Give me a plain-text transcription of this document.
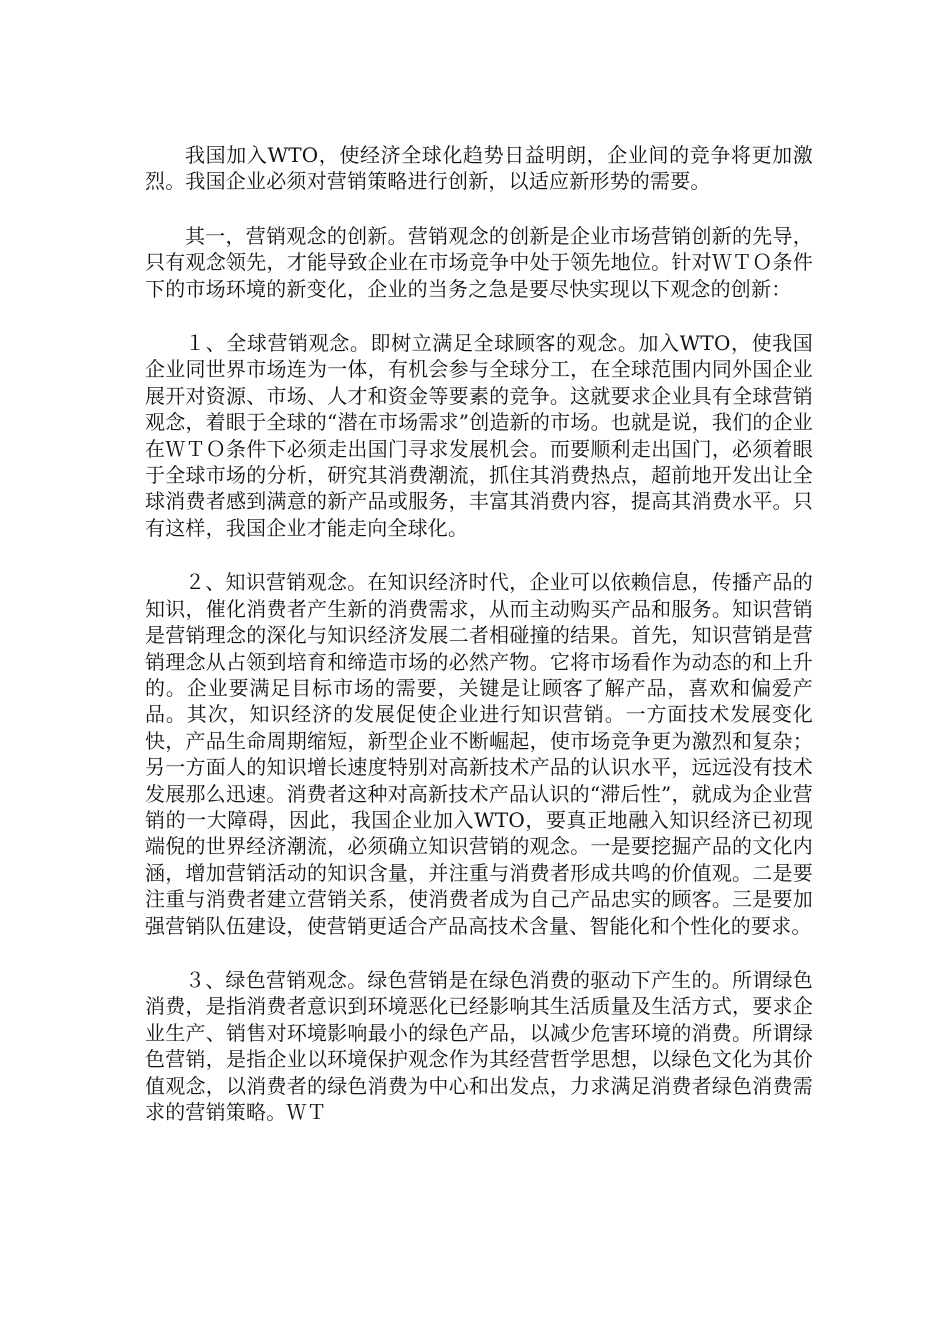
我国加入WTO，使经济全球化趋势日益明朗，企业间的竞争将更加激烈。我国企业必须对营销策略进行创新，以适应新形势的需要。

其一，营销观念的创新。营销观念的创新是企业市场营销创新的先导，只有观念领先，才能导致企业在市场竞争中处于领先地位。针对ＷＴＯ条件下的市场环境的新变化，企业的当务之急是要尽快实现以下观念的创新：

１、全球营销观念。即树立满足全球顾客的观念。加入WTO，使我国企业同世界市场连为一体，有机会参与全球分工，在全球范围内同外国企业展开对资源、市场、人才和资金等要素的竞争。这就要求企业具有全球营销观念，着眼于全球的“潜在市场需求”创造新的市场。也就是说，我们的企业在ＷＴＯ条件下必须走出国门寻求发展机会。而要顺利走出国门，必须着眼于全球市场的分析，研究其消费潮流，抓住其消费热点，超前地开发出让全球消费者感到满意的新产品或服务，丰富其消费内容，提高其消费水平。只有这样，我国企业才能走向全球化。

２、知识营销观念。在知识经济时代，企业可以依赖信息，传播产品的知识，催化消费者产生新的消费需求，从而主动购买产品和服务。知识营销是营销理念的深化与知识经济发展二者相碰撞的结果。首先，知识营销是营销理念从占领到培育和缔造市场的必然产物。它将市场看作为动态的和上升的。企业要满足目标市场的需要，关键是让顾客了解产品，喜欢和偏爱产品。其次，知识经济的发展促使企业进行知识营销。一方面技术发展变化快，产品生命周期缩短，新型企业不断崛起，使市场竞争更为激烈和复杂；另一方面人的知识增长速度特别对高新技术产品的认识水平，远远没有技术发展那么迅速。消费者这种对高新技术产品认识的“滞后性”，就成为企业营销的一大障碍，因此，我国企业加入WTO，要真正地融入知识经济已初现端倪的世界经济潮流，必须确立知识营销的观念。一是要挖掘产品的文化内涵，增加营销活动的知识含量，并注重与消费者形成共鸣的价值观。二是要注重与消费者建立营销关系，使消费者成为自己产品忠实的顾客。三是要加强营销队伍建设，使营销更适合产品高技术含量、智能化和个性化的要求。

３、绿色营销观念。绿色营销是在绿色消费的驱动下产生的。所谓绿色消费，是指消费者意识到环境恶化已经影响其生活质量及生活方式，要求企业生产、销售对环境影响最小的绿色产品，以减少危害环境的消费。所谓绿色营销，是指企业以环境保护观念作为其经营哲学思想，以绿色文化为其价值观念，以消费者的绿色消费为中心和出发点，力求满足消费者绿色消费需求的营销策略。ＷＴ
